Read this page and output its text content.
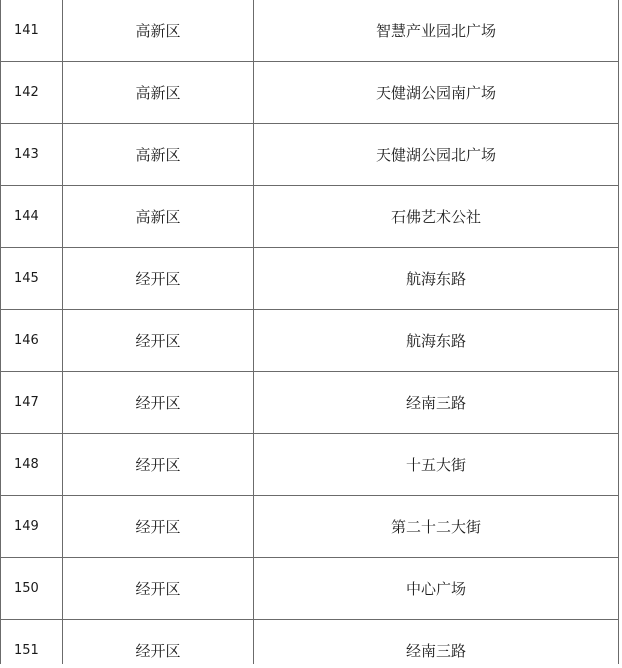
141	高新区	智慧产业园北广场
142	高新区	天健湖公园南广场
143	高新区	天健湖公园北广场
144	高新区	石佛艺术公社
145	经开区	航海东路
146	经开区	航海东路
147	经开区	经南三路
148	经开区	十五大街
149	经开区	第二十二大街
150	经开区	中心广场
151	经开区	经南三路
